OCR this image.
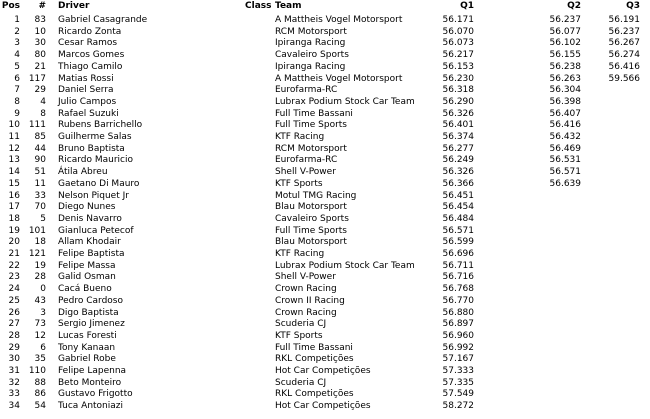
Pos	# Driver	Class Team	Q1	Q2	Q3
1	83 Gabriel Casagrande	A Mattheis Vogel Motorsport	56.171	56.237	56.191
2	10 Ricardo Zonta	RCM Motorsport	56.070	56.077	56.237
3	30 Cesar Ramos	Ipiranga Racing	56.073	56.102	56.267
4	80 Marcos Gomes	Cavaleiro Sports	56.217	56.155	56.274
5	21 Thiago Camilo	Ipiranga Racing	56.153	56.238	56.416
6 117 Matias Rossi	A Mattheis Vogel Motorsport	56.230	56.263	59.566
7	29 Daniel Serra	Eurofarma-RC	56.318	56.304
8	4 Julio Campos	Lubrax Podium Stock Car Team	56.290	56.398
9	8 Rafael Suzuki	Full Time Bassani	56.326	56.407
10 111 Rubens Barrichello	Full Time Sports	56.401	56.416
11	85 Guilherme Salas	KTF Racing	56.374	56.432
12	44 Bruno Baptista	RCM Motorsport	56.277	56.469
13	90 Ricardo Mauricio	Eurofarma-RC	56.249	56.531
14	51 Átila Abreu	Shell V-Power	56.326	56.571
15	11 Gaetano Di Mauro	KTF Sports	56.366	56.639
16	33 Nelson Piquet Jr	Motul TMG Racing	56.451
17	70 Diego Nunes	Blau Motorsport	56.454
18	5 Denis Navarro	Cavaleiro Sports	56.484
19 101 Gianluca Petecof	Full Time Sports	56.571
20	18 Allam Khodair	Blau Motorsport	56.599
21 121 Felipe Baptista	KTF Racing	56.696
22	19 Felipe Massa	Lubrax Podium Stock Car Team	56.711
23	28 Galid Osman	Shell V-Power	56.716
24	0 Cacá Bueno	Crown Racing	56.768
25	43 Pedro Cardoso	Crown II Racing	56.770
26	3 Digo Baptista	Crown Racing	56.880
27	73 Sergio Jimenez	Scuderia CJ	56.897
28	12 Lucas Foresti	KTF Sports	56.960
29	6 Tony Kanaan	Full Time Bassani	56.992
30	35 Gabriel Robe	RKL Competições	57.167
31 110 Felipe Lapenna	Hot Car Competições	57.333
32	88 Beto Monteiro	Scuderia CJ	57.335
33	86 Gustavo Frigotto	RKL Competições	57.549
34	54 Tuca Antoniazi	Hot Car Competições	58.272
